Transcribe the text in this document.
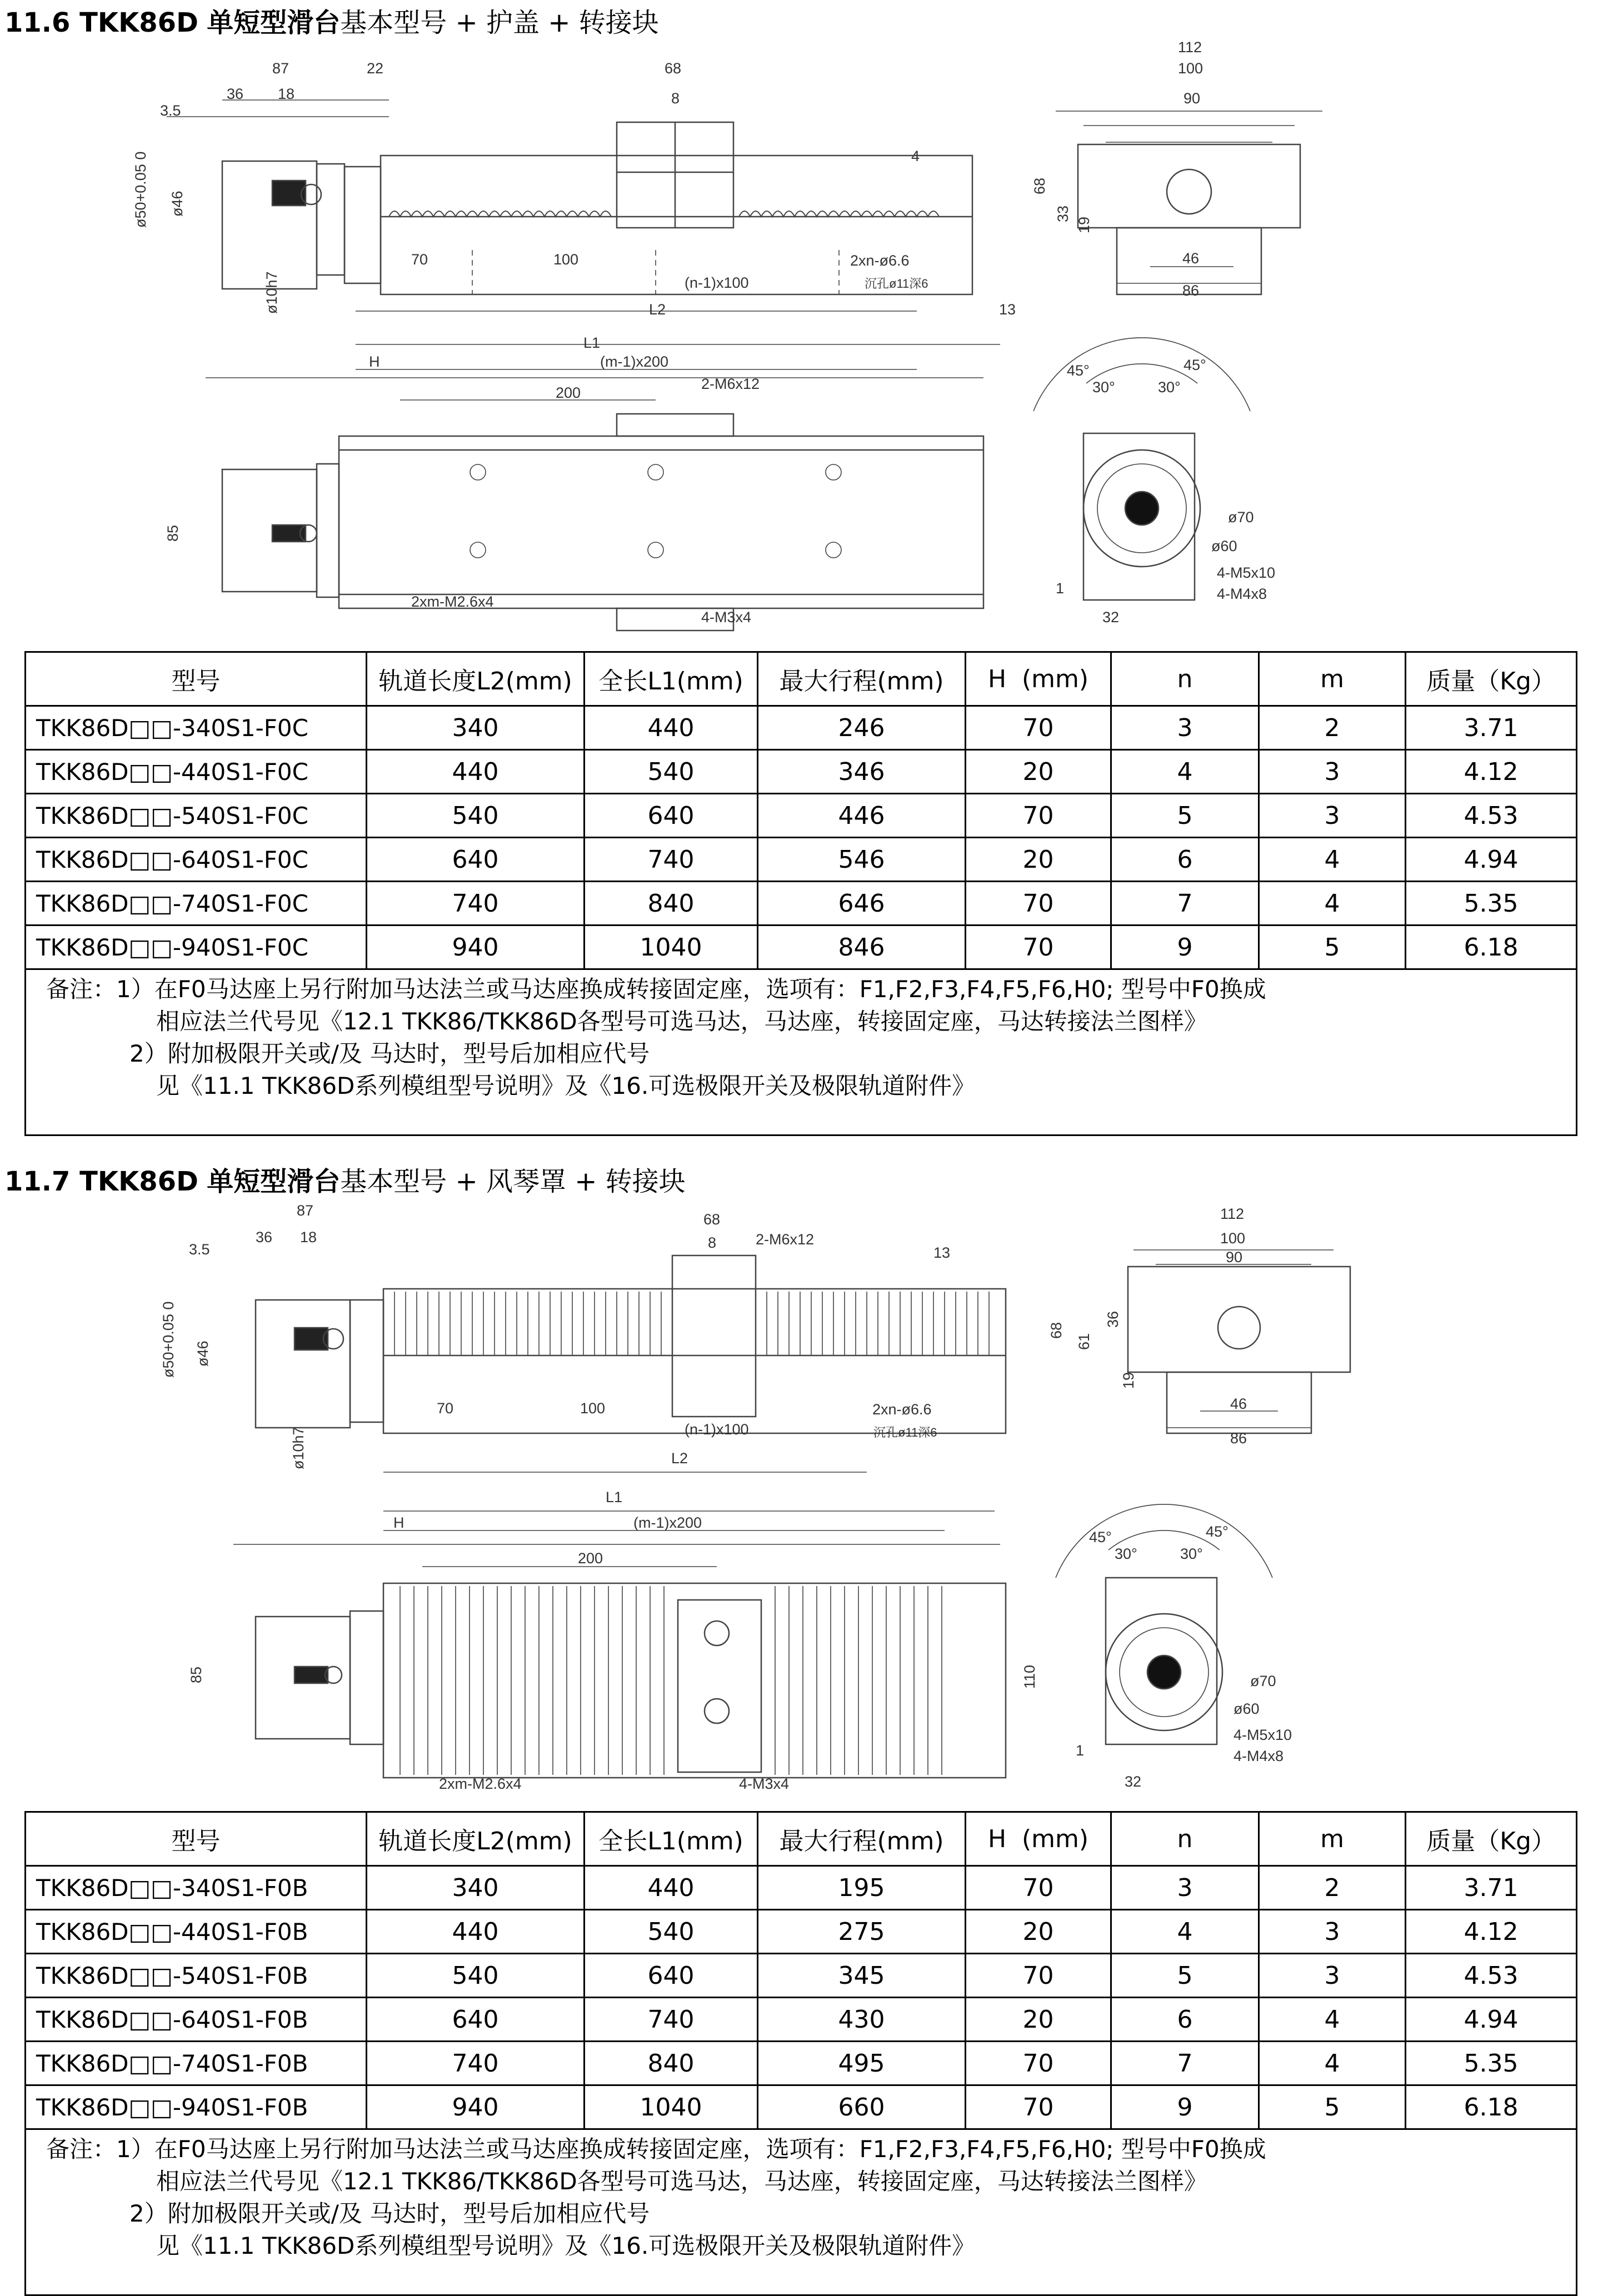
11.6 TKK86D 单短型滑台基本型号 + 护盖 + 转接块
87	22
3.5
36 18
68
8
4
ø50+0.05 0 ø46
ø10h7
70	100
(n-1)x100
2xn-ø6.6
沉孔ø11深6
L2	13
L1
H	(m-1)x200
200
2-M6x12
85
2xm-M2.6x4
4-M3x4
112
100
90
68
33
19
46
86
45°	45°
30°	30°
ø70
ø60
4-M5x10
4-M4x8
1
32
型号	轨道长度L2(mm)	全长L1(mm)	最大行程(mm)	H  (mm)	n	m	质量（Kg）
TKK86D□□-340S1-F0C	340	440	246	70	3	2	3.71
TKK86D□□-440S1-F0C	440	540	346	20	4	3	4.12
TKK86D□□-540S1-F0C	540	640	446	70	5	3	4.53
TKK86D□□-640S1-F0C	640	740	546	20	6	4	4.94
TKK86D□□-740S1-F0C	740	840	646	70	7	4	5.35
TKK86D□□-940S1-F0C	940	1040	846	70	9	5	6.18

备注：1）在F0马达座上另行附加马达法兰或马达座换成转接固定座，选项有：F1,F2,F3,F4,F5,F6,H0; 型号中F0换成
相应法兰代号见《12.1 TKK86/TKK86D各型号可选马达，马达座，转接固定座，马达转接法兰图样》
2）附加极限开关或/及 马达时，型号后加相应代号
见《11.1 TKK86D系列模组型号说明》及《16.可选极限开关及极限轨道附件》							
11.7 TKK86D 单短型滑台基本型号 + 风琴罩 + 转接块
87
3.5
36 18
68
8	2-M6x12
13
ø50+0.05 0 ø46
ø10h7
70	100
(n-1)x100
2xn-ø6.6
沉孔ø11深6
L2
L1
H	(m-1)x200
200
85	110
2xm-M2.6x4	4-M3x4
112
100
90
68
61
36
19
46
86
45°	45°
30°	30°
ø70
ø60
4-M5x10
4-M4x8
1
32
型号	轨道长度L2(mm)	全长L1(mm)	最大行程(mm)	H  (mm)	n	m	质量（Kg）
TKK86D□□-340S1-F0B	340	440	195	70	3	2	3.71
TKK86D□□-440S1-F0B	440	540	275	20	4	3	4.12
TKK86D□□-540S1-F0B	540	640	345	70	5	3	4.53
TKK86D□□-640S1-F0B	640	740	430	20	6	4	4.94
TKK86D□□-740S1-F0B	740	840	495	70	7	4	5.35
TKK86D□□-940S1-F0B	940	1040	660	70	9	5	6.18

备注：1）在F0马达座上另行附加马达法兰或马达座换成转接固定座，选项有：F1,F2,F3,F4,F5,F6,H0; 型号中F0换成
相应法兰代号见《12.1 TKK86/TKK86D各型号可选马达，马达座，转接固定座，马达转接法兰图样》
2）附加极限开关或/及 马达时，型号后加相应代号
见《11.1 TKK86D系列模组型号说明》及《16.可选极限开关及极限轨道附件》							
